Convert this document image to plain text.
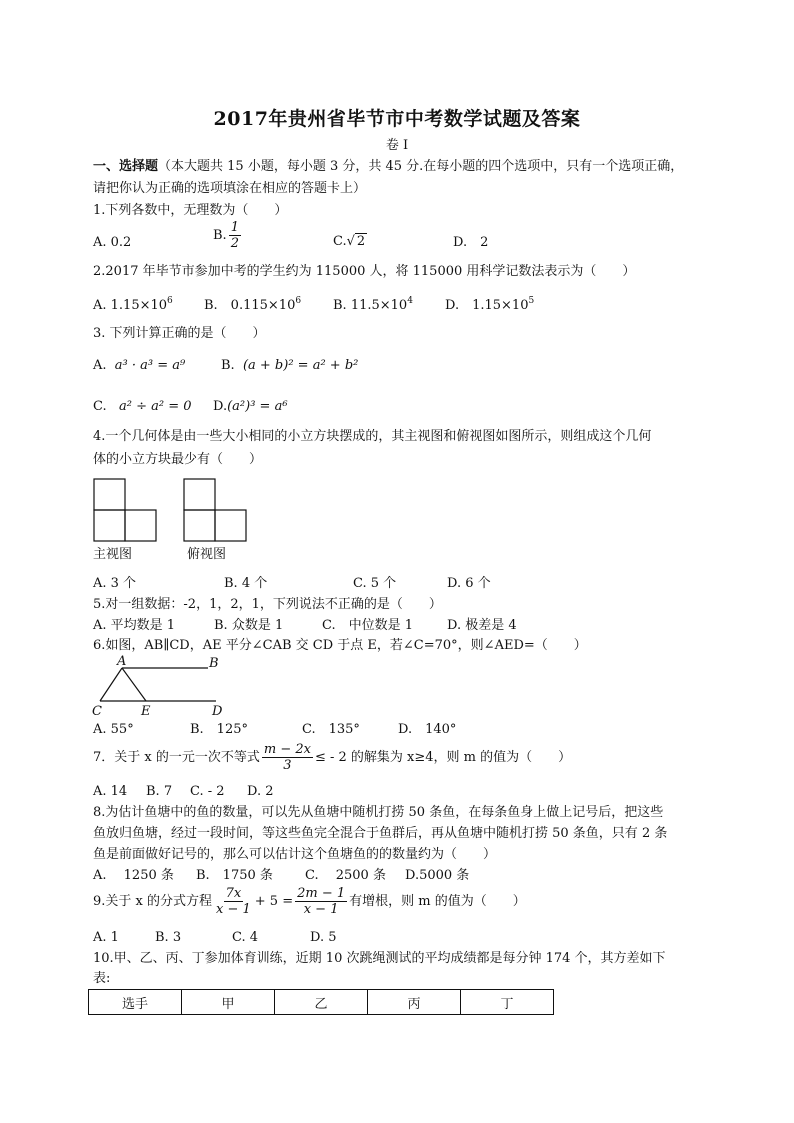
2017年贵州省毕节市中考数学试题及答案
卷 I
一、选择题（本大题共 15 小题，每小题 3 分，共 45 分.在每小题的四个选项中，只有一个选项正确，
请把你认为正确的选项填涂在相应的答题卡上）
1.下列各数中，无理数为（　　）
A. 0.2	B. $\frac{1}{2}$	C.√ 2	D.　2
2.2017 年毕节市参加中考的学生约为 115000 人，将 115000 用科学记数法表示为（　　）
A. $1.15\times 10^6$ B.　$0.115\times 10^6$ B. $11.5\times 10^4$ D.　$1.15\times 10^5$
3. 下列计算正确的是（　　）
A. a³ · a³ = a⁹	B. (a + b)² = a² + b²
C. a² ÷ a² = 0 D.(a²)³ = a⁶
4.一个几何体是由一些大小相同的小立方块摆成的，其主视图和俯视图如图所示，则组成这个几何
体的小立方块最少有（　　）
主视图	俯视图
A. 3 个	B. 4 个	C. 5 个	D. 6 个
5.对一组数据：-2，1，2，1，下列说法不正确的是（　　）
A. 平均数是 1	B. 众数是 1	C.　中位数是 1	D. 极差是 4
6.如图，AB∥CD，AE 平分∠CAB 交 CD 于点 E，若∠C=70°，则∠AED=（　　）
A	B
C	E	D
A. 55°	B.　125°	C.　135°	D.　140°
7．关于 x 的一元一次不等式 $\frac{m - 2x}{3}$ ≤ - 2 的解集为 x≥4，则 m 的值为（　　）
A. 14 B. 7 C. - 2 D. 2
8.为估计鱼塘中的鱼的数量，可以先从鱼塘中随机打捞 50 条鱼，在每条鱼身上做上记号后，把这些
鱼放归鱼塘，经过一段时间，等这些鱼完全混合于鱼群后，再从鱼塘中随机打捞 50 条鱼，只有 2 条
鱼是前面做好记号的，那么可以估计这个鱼塘鱼的的数量约为（　　）
A.　 1250 条 B.　1750 条 C.　 2500 条 D.5000 条
9.关于 x 的分式方程 $\frac{7x}{x - 1} + 5 = \frac{2m - 1}{x - 1}$ 有增根，则 m 的值为（　　）
A. 1	B. 3	C. 4	D. 5
10.甲、乙、丙、丁参加体育训练，近期 10 次跳绳测试的平均成绩都是每分钟 174 个，其方差如下
表:
选手	甲	乙	丙	丁
